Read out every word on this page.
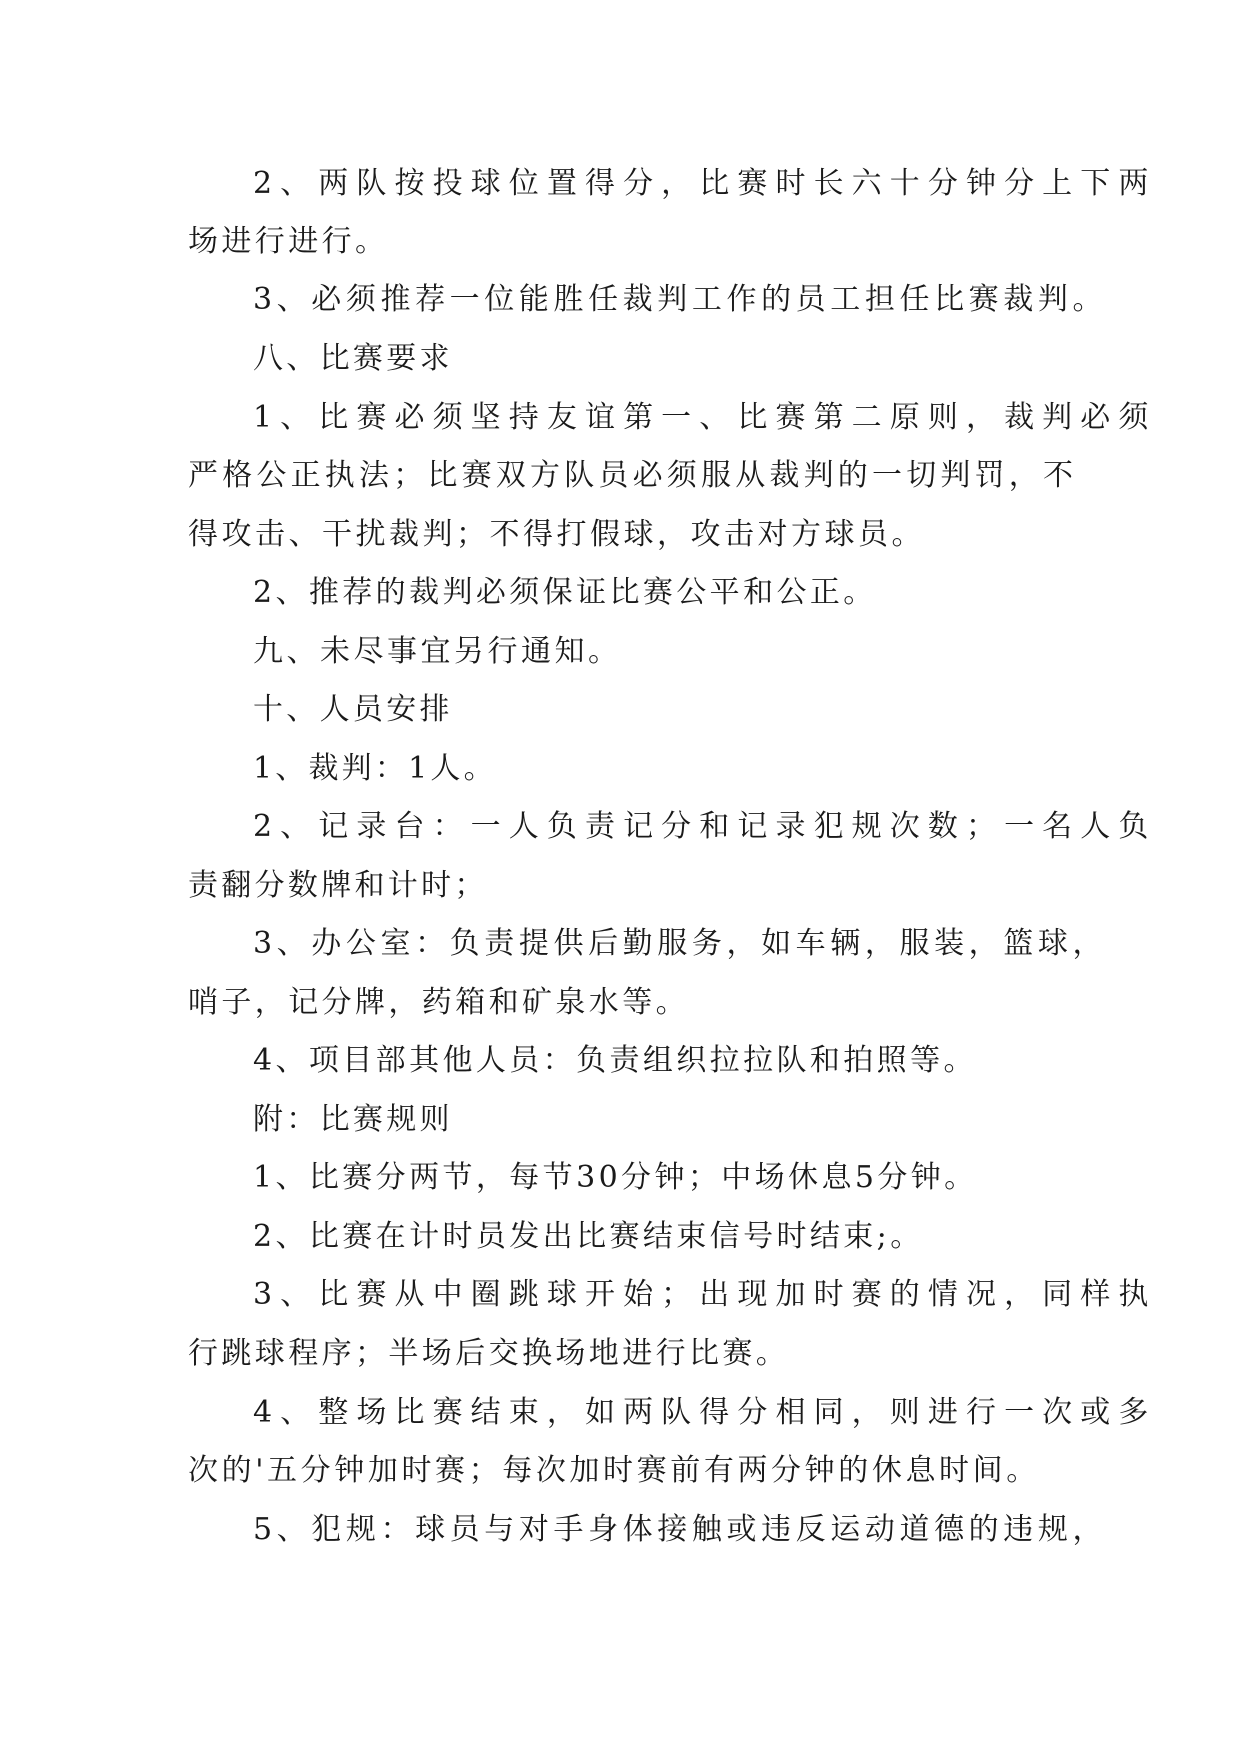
2、两队按投球位置得分，比赛时长六十分钟分上下两
场进行进行。
3、必须推荐一位能胜任裁判工作的员工担任比赛裁判。
八、比赛要求
1、比赛必须坚持友谊第一、比赛第二原则，裁判必须
严格公正执法；比赛双方队员必须服从裁判的一切判罚，不
得攻击、干扰裁判；不得打假球，攻击对方球员。
2、推荐的裁判必须保证比赛公平和公正。
九、未尽事宜另行通知。
十、人员安排
1、裁判：1人。
2、记录台：一人负责记分和记录犯规次数；一名人负
责翻分数牌和计时；
3、办公室：负责提供后勤服务，如车辆，服装，篮球，
哨子，记分牌，药箱和矿泉水等。
4、项目部其他人员：负责组织拉拉队和拍照等。
附：比赛规则
1、比赛分两节，每节30分钟；中场休息5分钟。
2、比赛在计时员发出比赛结束信号时结束;。
3、比赛从中圈跳球开始；出现加时赛的情况，同样执
行跳球程序；半场后交换场地进行比赛。
4、整场比赛结束，如两队得分相同，则进行一次或多
次的'五分钟加时赛；每次加时赛前有两分钟的休息时间。
5、犯规：球员与对手身体接触或违反运动道德的违规，
